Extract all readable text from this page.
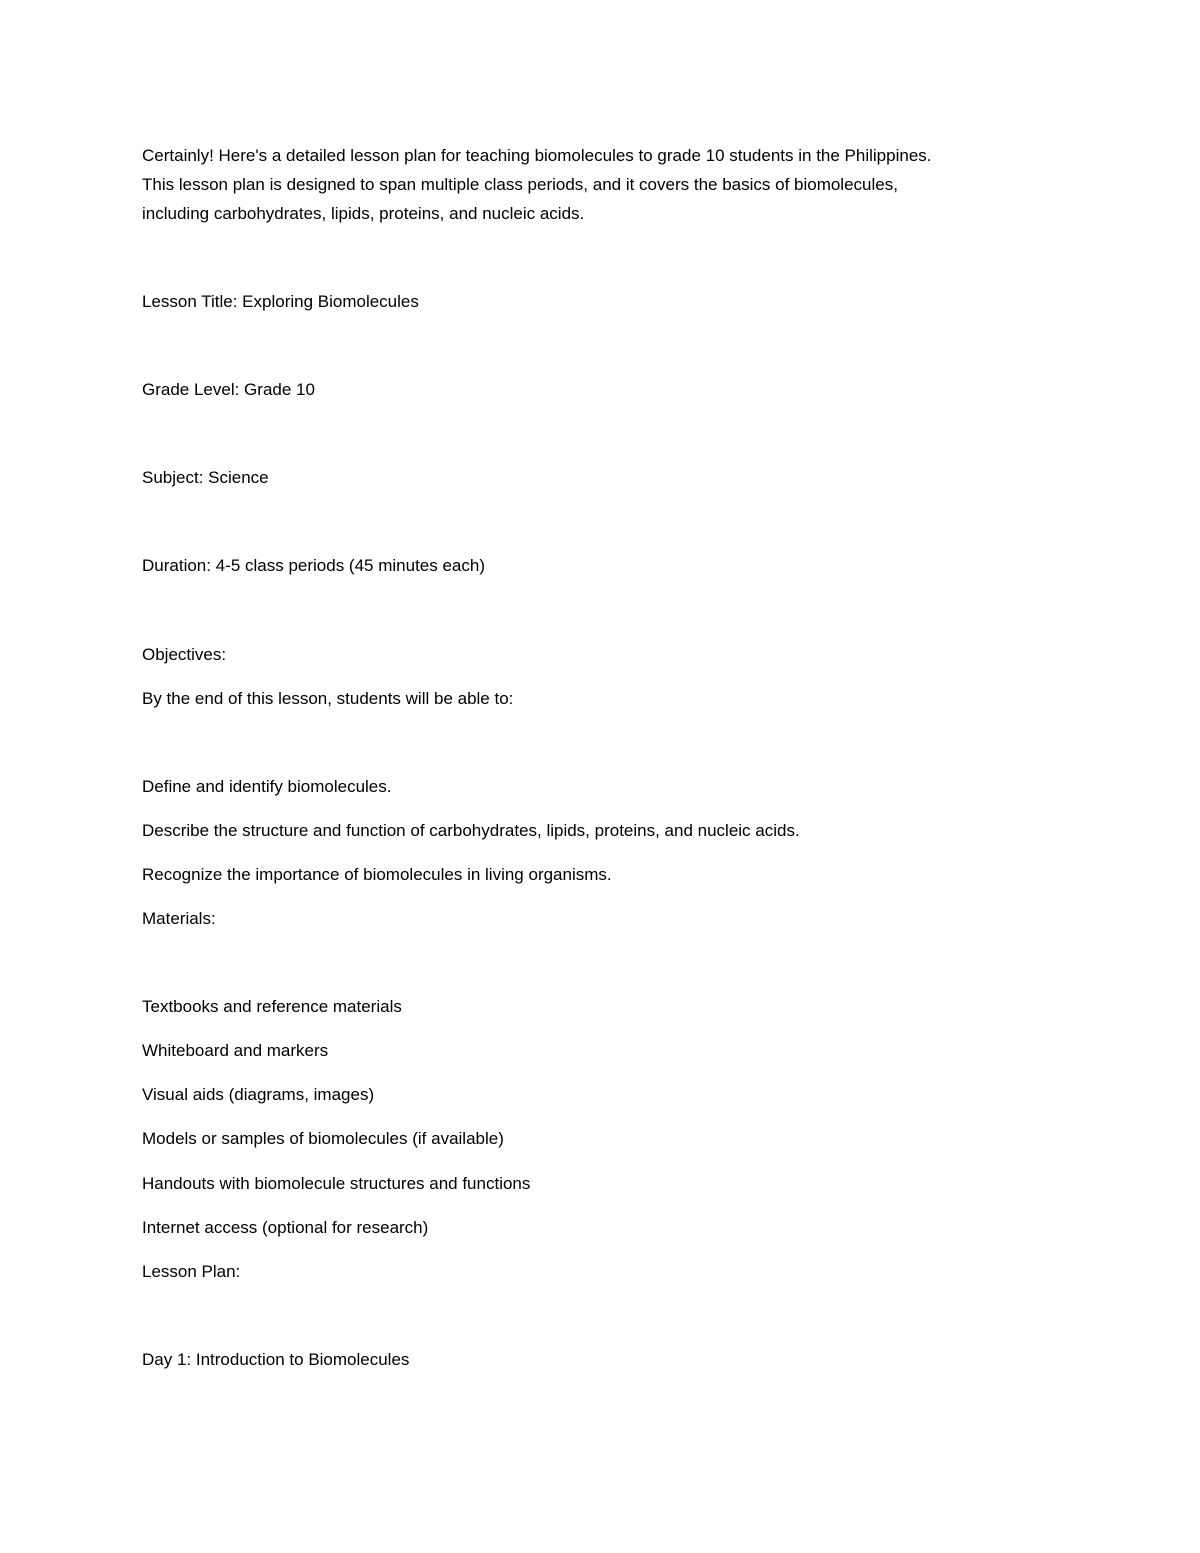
Certainly! Here's a detailed lesson plan for teaching biomolecules to grade 10 students in the Philippines.

This lesson plan is designed to span multiple class periods, and it covers the basics of biomolecules,

including carbohydrates, lipids, proteins, and nucleic acids.

Lesson Title: Exploring Biomolecules

Grade Level: Grade 10

Subject: Science

Duration: 4-5 class periods (45 minutes each)

Objectives:

By the end of this lesson, students will be able to:

Define and identify biomolecules.

Describe the structure and function of carbohydrates, lipids, proteins, and nucleic acids.

Recognize the importance of biomolecules in living organisms.

Materials:

Textbooks and reference materials

Whiteboard and markers

Visual aids (diagrams, images)

Models or samples of biomolecules (if available)

Handouts with biomolecule structures and functions

Internet access (optional for research)

Lesson Plan:

Day 1: Introduction to Biomolecules
